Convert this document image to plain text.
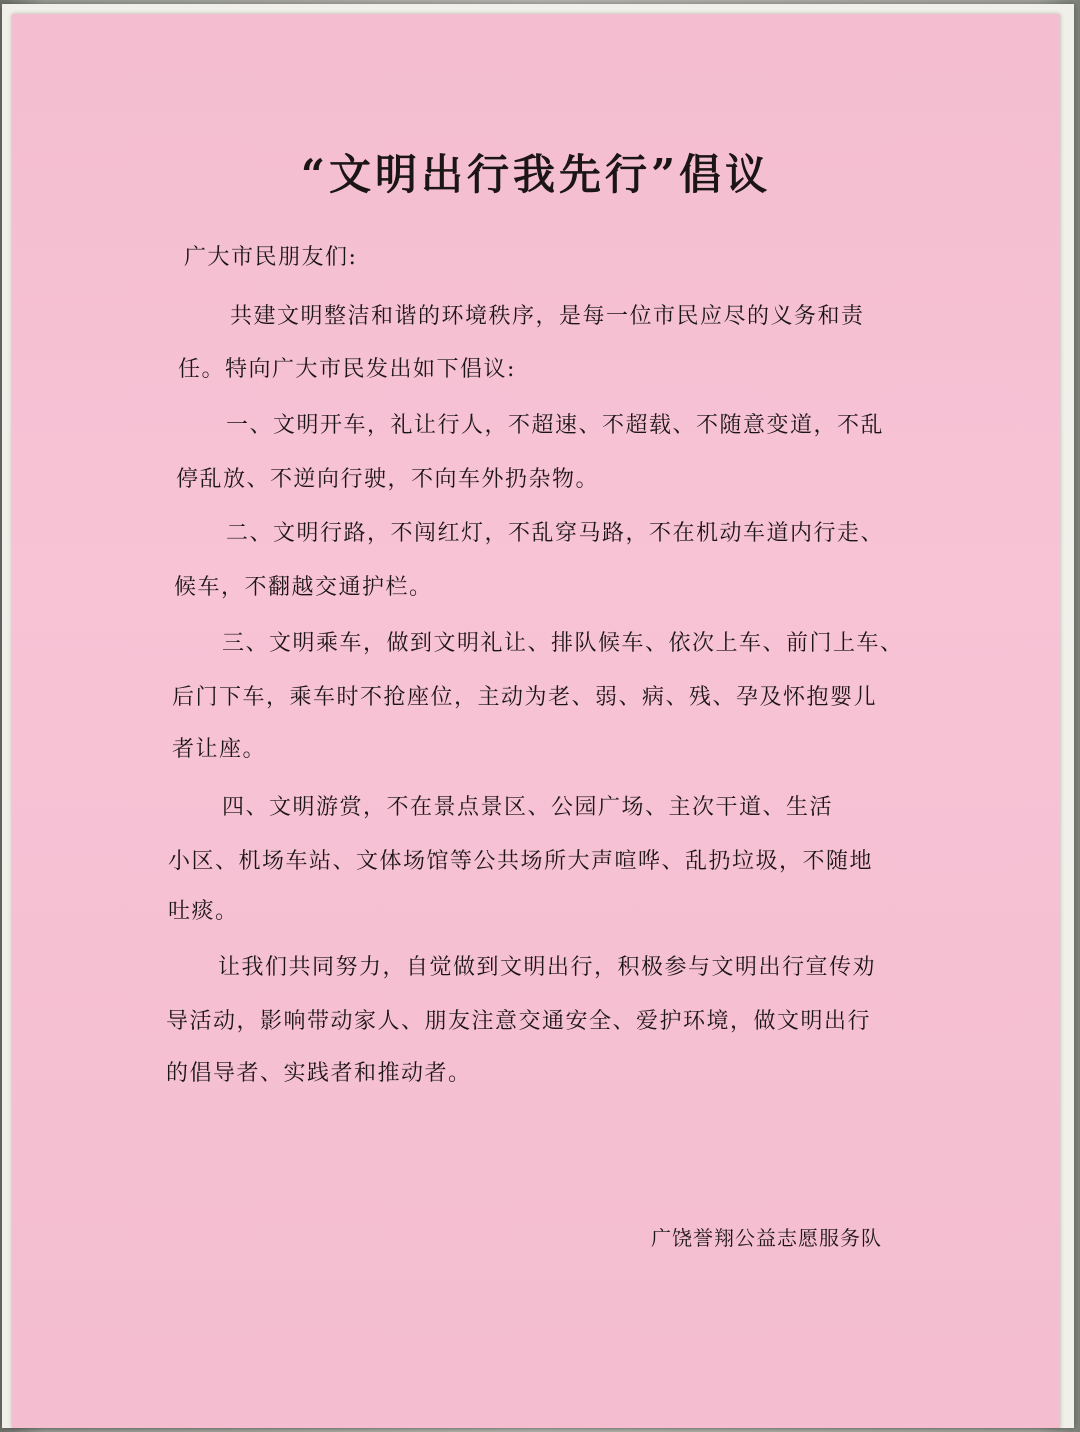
“文明出行我先行”倡议

广大市民朋友们:

共建文明整洁和谐的环境秩序，是每一位市民应尽的义务和责

任。特向广大市民发出如下倡议:

一、文明开车，礼让行人，不超速、不超载、不随意变道，不乱

停乱放、不逆向行驶，不向车外扔杂物。

二、文明行路，不闯红灯，不乱穿马路，不在机动车道内行走、

候车，不翻越交通护栏。

三、文明乘车，做到文明礼让、排队候车、依次上车、前门上车、

后门下车，乘车时不抢座位，主动为老、弱、病、残、孕及怀抱婴儿

者让座。

四、文明游赏，不在景点景区、公园广场、主次干道、生活

小区、机场车站、文体场馆等公共场所大声喧哗、乱扔垃圾，不随地

吐痰。

让我们共同努力，自觉做到文明出行，积极参与文明出行宣传劝

导活动，影响带动家人、朋友注意交通安全、爱护环境，做文明出行

的倡导者、实践者和推动者。

广饶誉翔公益志愿服务队
